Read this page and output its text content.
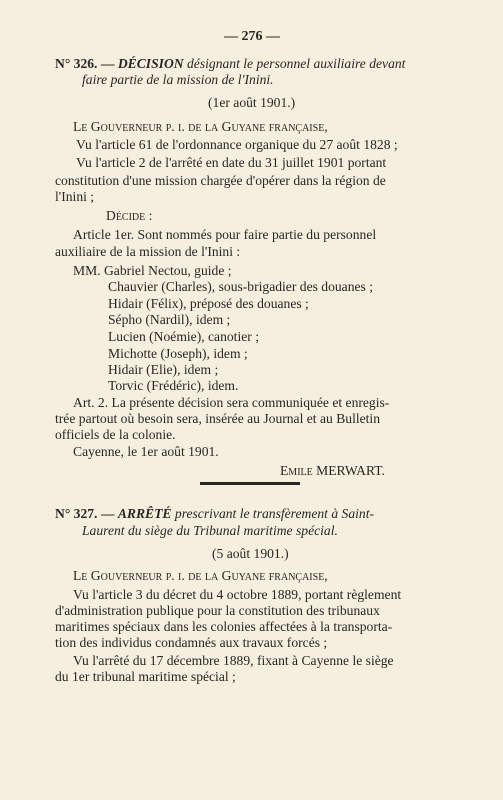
— 276 —
N° 326. — DÉCISION désignant le personnel auxiliaire devant
faire partie de la mission de l'Inini.
(1er août 1901.)
Le Gouverneur p. i. de la Guyane française,
Vu l'article 61 de l'ordonnance organique du 27 août 1828 ;
Vu l'article 2 de l'arrêté en date du 31 juillet 1901 portant
constitution d'une mission chargée d'opérer dans la région de
l'Inini ;
Décide :
Article 1er. Sont nommés pour faire partie du personnel
auxiliaire de la mission de l'Inini :
MM. Gabriel Nectou, guide ;
Chauvier (Charles), sous-brigadier des douanes ;
Hidair (Félix), préposé des douanes ;
Sépho (Nardil), idem ;
Lucien (Noémie), canotier ;
Michotte (Joseph), idem ;
Hidair (Elie), idem ;
Torvic (Frédéric), idem.
Art. 2. La présente décision sera communiquée et enregis-
trée partout où besoin sera, insérée au Journal et au Bulletin
officiels de la colonie.
Cayenne, le 1er août 1901.
Emile MERWART.
N° 327. — ARRÊTÉ prescrivant le transfèrement à Saint-
Laurent du siège du Tribunal maritime spécial.
(5 août 1901.)
Le Gouverneur p. i. de la Guyane française,
Vu l'article 3 du décret du 4 octobre 1889, portant règlement
d'administration publique pour la constitution des tribunaux
maritimes spéciaux dans les colonies affectées à la transporta-
tion des individus condamnés aux travaux forcés ;
Vu l'arrêté du 17 décembre 1889, fixant à Cayenne le siège
du 1er tribunal maritime spécial ;
